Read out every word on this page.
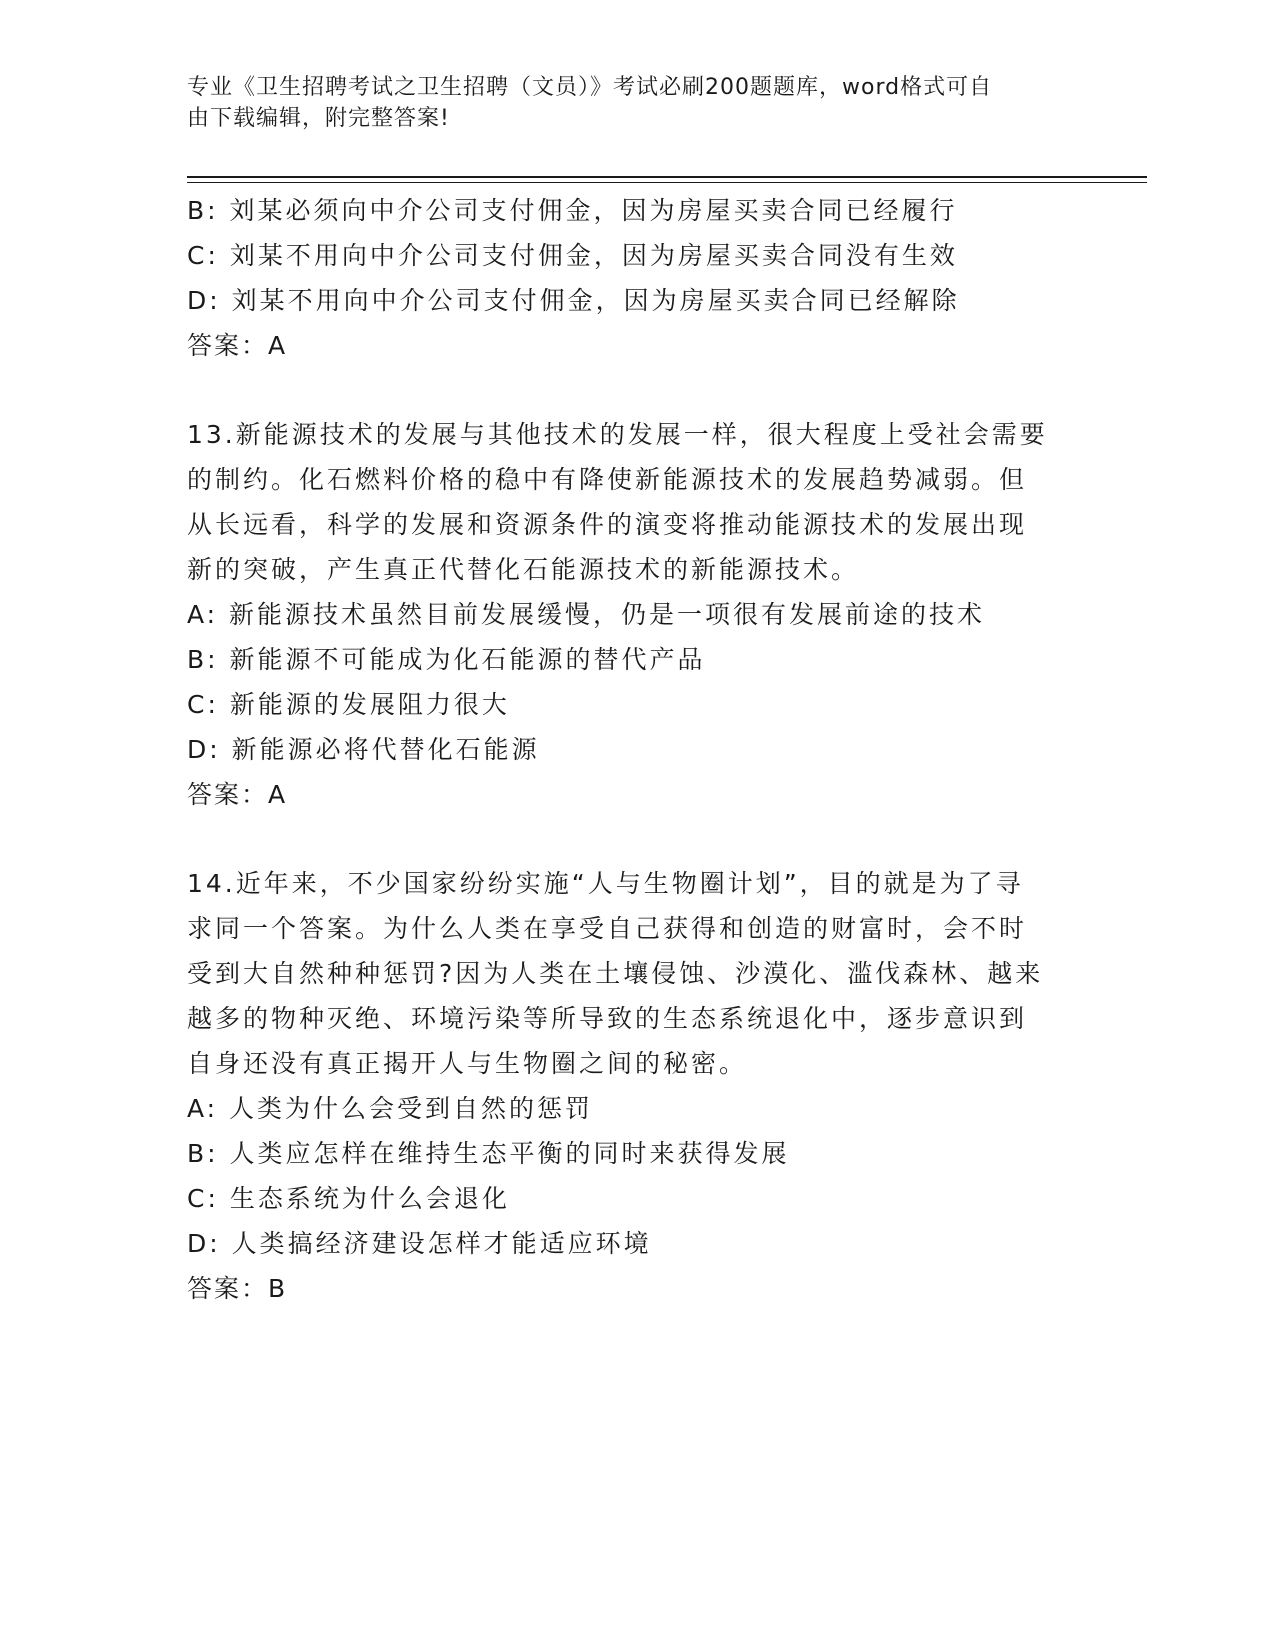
专业《卫生招聘考试之卫生招聘（文员）》考试必刷200题题库，word格式可自
由下载编辑，附完整答案!
B: 刘某必须向中介公司支付佣金，因为房屋买卖合同已经履行
C: 刘某不用向中介公司支付佣金，因为房屋买卖合同没有生效
D: 刘某不用向中介公司支付佣金，因为房屋买卖合同已经解除
答案：A
13.新能源技术的发展与其他技术的发展一样，很大程度上受社会需要
的制约。化石燃料价格的稳中有降使新能源技术的发展趋势减弱。但
从长远看，科学的发展和资源条件的演变将推动能源技术的发展出现
新的突破，产生真正代替化石能源技术的新能源技术。
A: 新能源技术虽然目前发展缓慢，仍是一项很有发展前途的技术
B: 新能源不可能成为化石能源的替代产品
C: 新能源的发展阻力很大
D: 新能源必将代替化石能源
答案：A
14.近年来，不少国家纷纷实施“人与生物圈计划”，目的就是为了寻
求同一个答案。为什么人类在享受自己获得和创造的财富时，会不时
受到大自然种种惩罚?因为人类在土壤侵蚀、沙漠化、滥伐森林、越来
越多的物种灭绝、环境污染等所导致的生态系统退化中，逐步意识到
自身还没有真正揭开人与生物圈之间的秘密。
A: 人类为什么会受到自然的惩罚
B: 人类应怎样在维持生态平衡的同时来获得发展
C: 生态系统为什么会退化
D: 人类搞经济建设怎样才能适应环境
答案：B
